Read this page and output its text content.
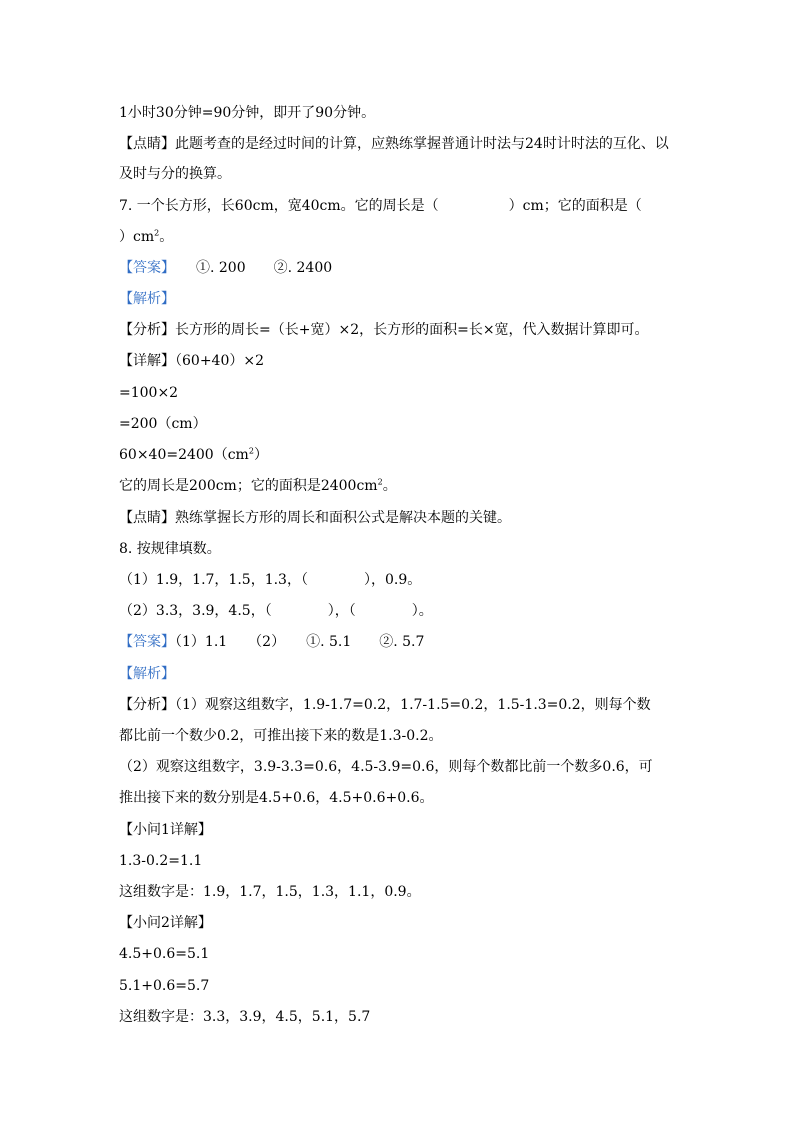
1小时30分钟=90分钟，即开了90分钟。
【点睛】此题考查的是经过时间的计算，应熟练掌握普通计时法与24时计时法的互化、以
及时与分的换算。
7. 一个长方形，长60cm，宽40cm。它的周长是（　　　　　）cm；它的面积是（
）$cm^2$。
【答案】　　①. 200　　②. 2400
【解析】
【分析】长方形的周长=（长+宽）×2，长方形的面积=长×宽，代入数据计算即可。
【详解】（60+40）×2
=100×2
=200（cm）
$60\times 40=2400(cm^2)$
它的周长是200cm；它的面积是$2400cm^2$。
【点睛】熟练掌握长方形的周长和面积公式是解决本题的关键。
8. 按规律填数。
（1）1.9，1.7，1.5，1.3，（　　　　），0.9。
（2）3.3，3.9，4.5，（　　　　），（　　　　）。
【答案】（1）1.1　　（2）　　①. 5.1　　②. 5.7
【解析】
【分析】（1）观察这组数字，1.9-1.7=0.2，1.7-1.5=0.2，1.5-1.3=0.2，则每个数
都比前一个数少0.2，可推出接下来的数是1.3-0.2。
（2）观察这组数字，3.9-3.3=0.6，4.5-3.9=0.6，则每个数都比前一个数多0.6，可
推出接下来的数分别是4.5+0.6，4.5+0.6+0.6。
【小问1详解】
1.3-0.2=1.1
这组数字是：1.9，1.7，1.5，1.3，1.1，0.9。
【小问2详解】
4.5+0.6=5.1
5.1+0.6=5.7
这组数字是：3.3，3.9，4.5，5.1，5.7
